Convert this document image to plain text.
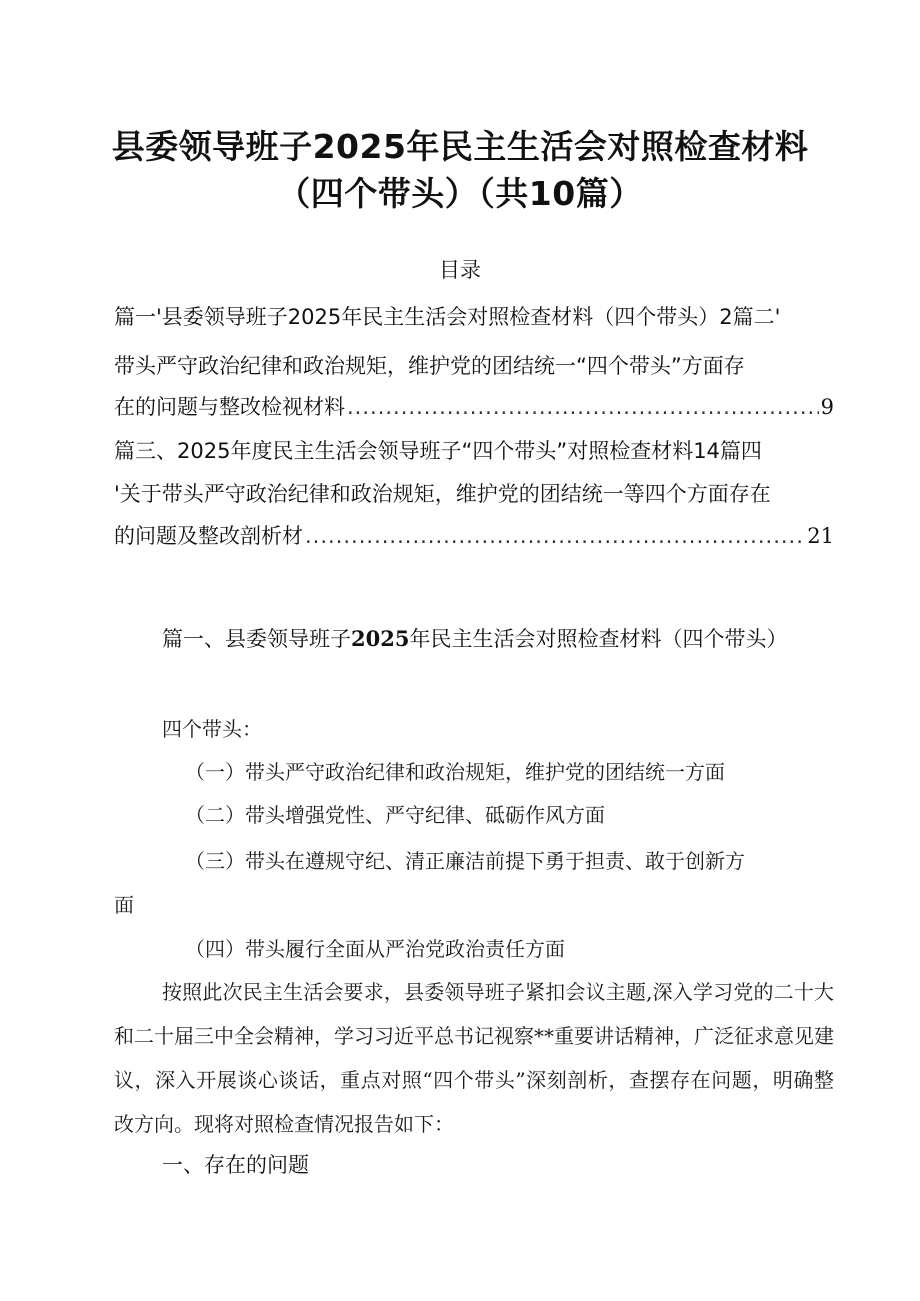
县委领导班子2025年民主生活会对照检查材料
（四个带头）（共10篇）
目录
篇一'县委领导班子2025年民主生活会对照检查材料（四个带头）2篇二'
带头严守政治纪律和政治规矩，维护党的团结统一“四个带头”方面存
在的问题与整改检视材料 .....	9
篇三、2025年度民主生活会领导班子“四个带头”对照检查材料14篇四
'关于带头严守政治纪律和政治规矩，维护党的团结统一等四个方面存在
的问题及整改剖析材 .....	21
篇一、县委领导班子2025年民主生活会对照检查材料（四个带头）
四个带头：
（一）带头严守政治纪律和政治规矩，维护党的团结统一方面
（二）带头增强党性、严守纪律、砥砺作风方面
（三）带头在遵规守纪、清正廉洁前提下勇于担责、敢于创新方
面
（四）带头履行全面从严治党政治责任方面
按照此次民主生活会要求，县委领导班子紧扣会议主题,深入学习党的二十大和二十届三中全会精神，学习习近平总书记视察**重要讲话精神，广泛征求意见建议，深入开展谈心谈话，重点对照“四个带头”深刻剖析，查摆存在问题，明确整改方向。现将对照检查情况报告如下：
一、存在的问题
